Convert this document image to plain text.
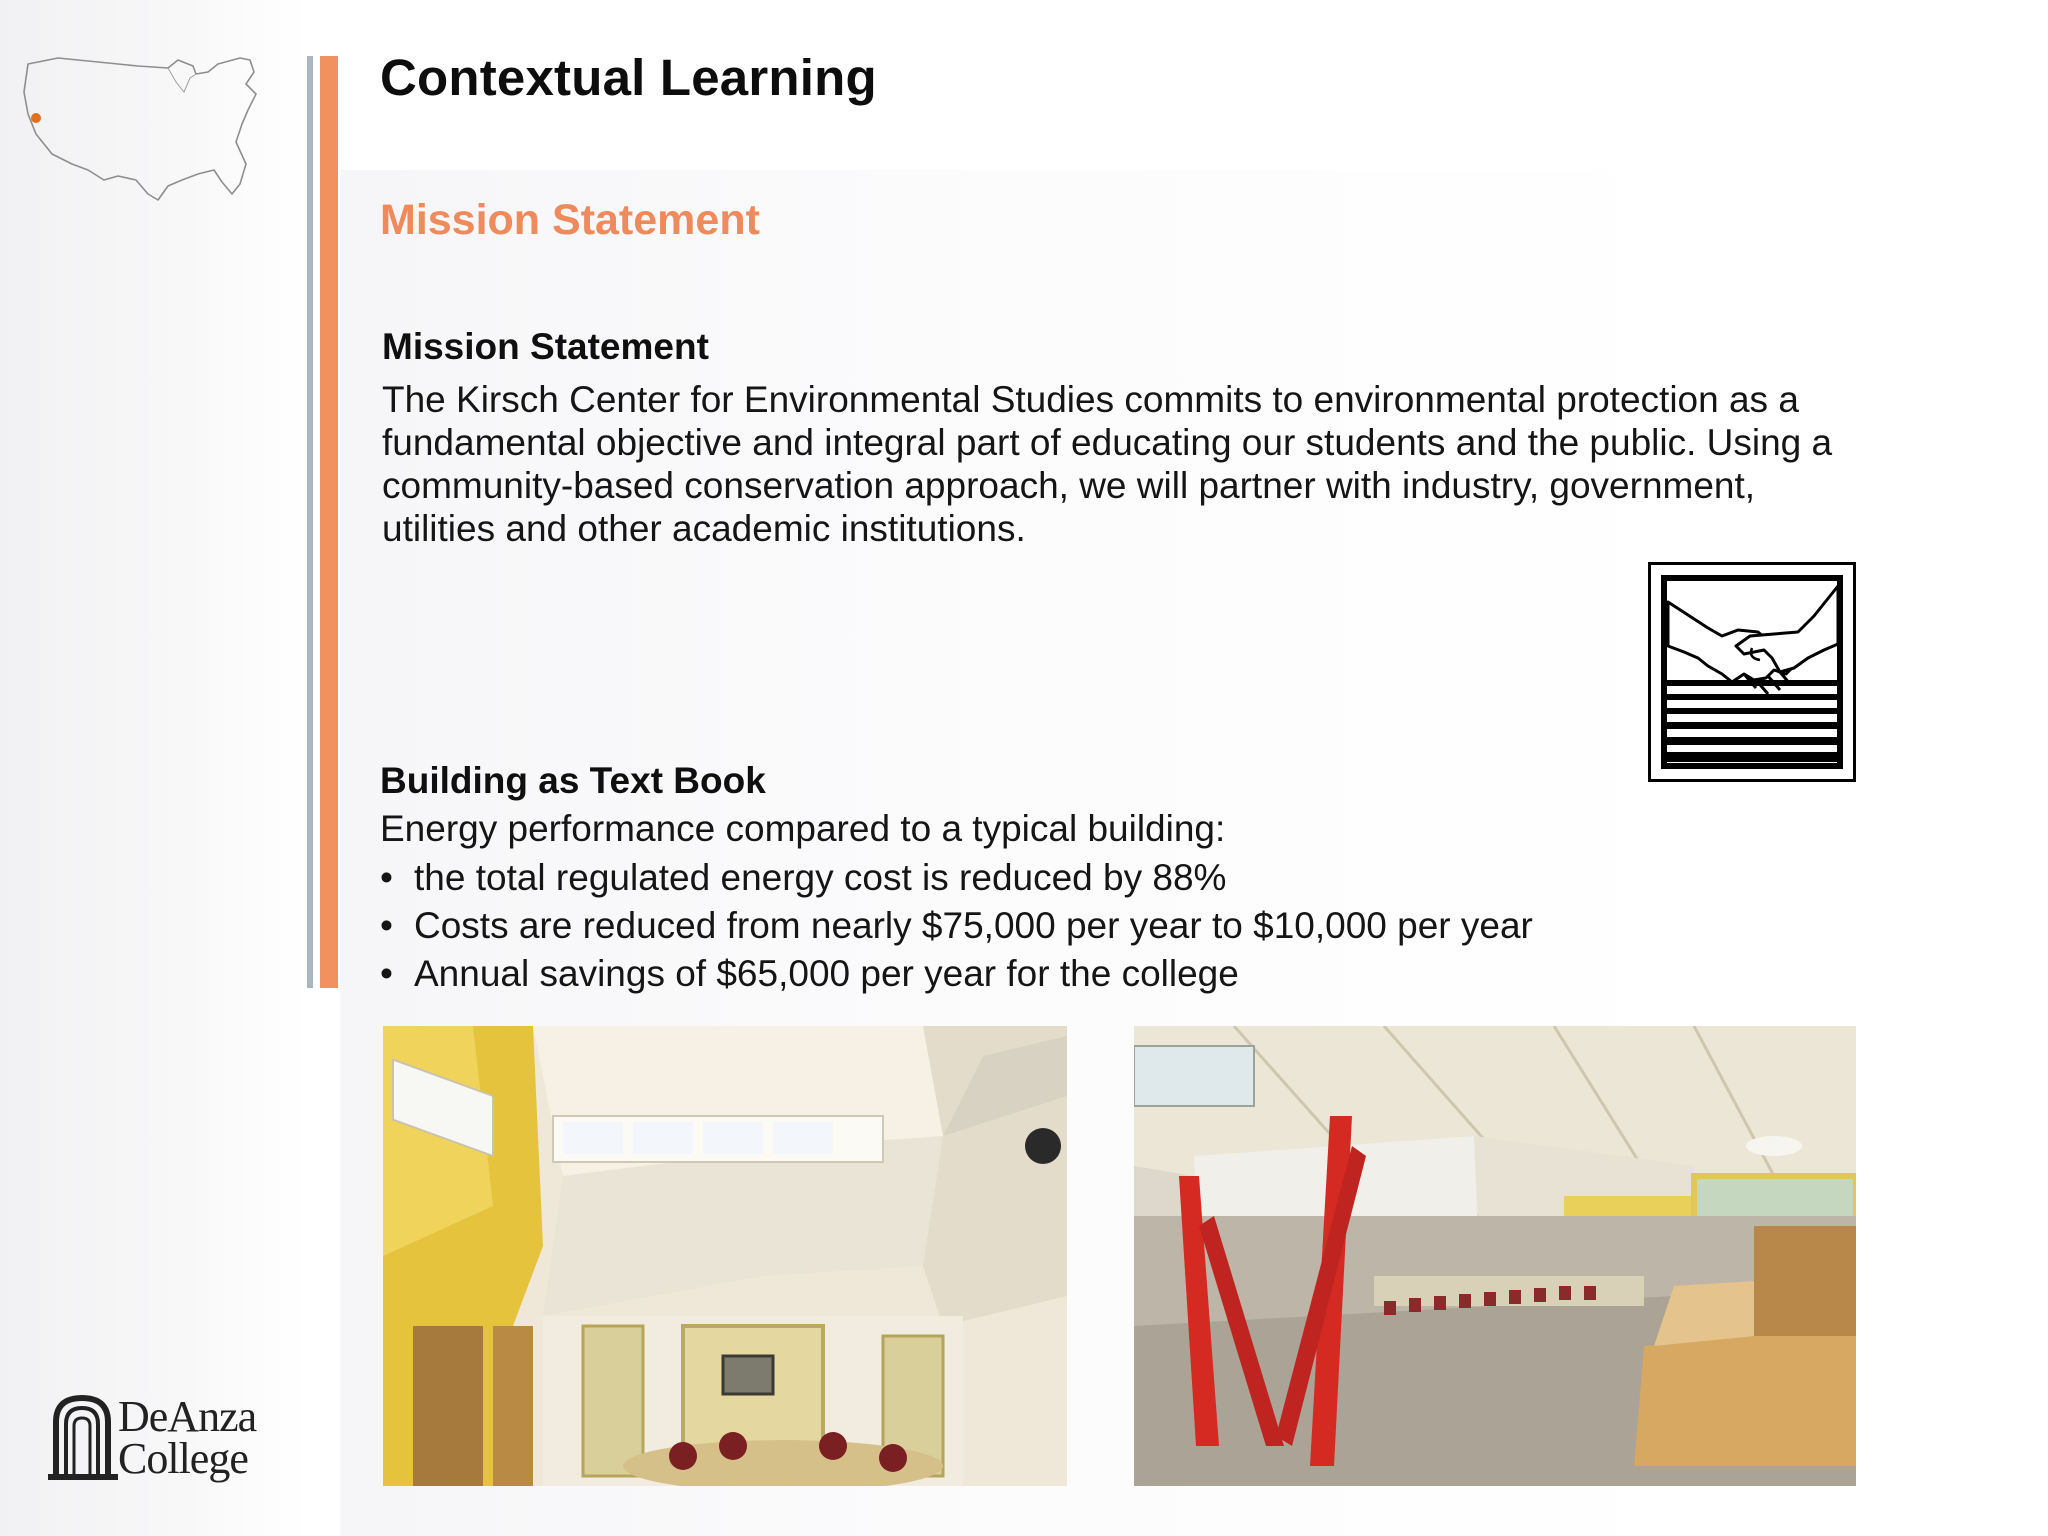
Contextual Learning
Mission Statement
Mission Statement

The Kirsch Center for Environmental Studies commits to environmental protection as a fundamental objective and integral part of educating our students and the public. Using a community-based conservation approach, we will partner with industry, government, utilities and other academic institutions.

Building as Text Book

Energy performance compared to a typical building:

• the total regulated energy cost is reduced by 88%
• Costs are reduced from nearly $75,000 per year to $10,000 per year
• Annual savings of $65,000 per year for the college

DeAnza
College
